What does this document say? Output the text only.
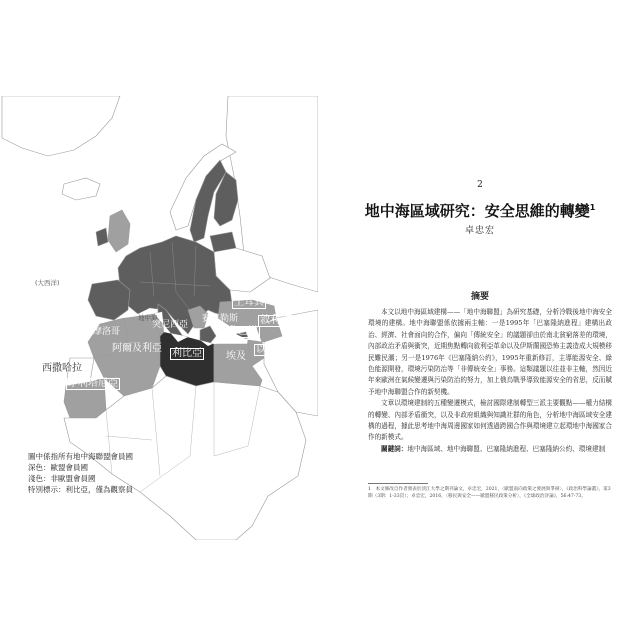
(大西洋)
地中海
土耳其
賽普勒斯 敘利亞
黎巴嫩
以色列
埃及
利比亞
突尼西亞
阿爾及利亞
摩洛哥
西撒哈拉
茅利塔尼亞
圖中係指所有地中海聯盟會員國
深色：歐盟會員國
淺色：非歐盟會員國
特別標示：利比亞，僅為觀察員
2
地中海區域研究：安全思維的轉變$^1$
卓忠宏
摘要

本文以地中海區域建構——「地中海聯盟」為研究基礎，分析冷戰後地中海安全環境的建構。地中海聯盟係依據兩主軸：一是1995年「巴塞隆納進程」建構出政治、經濟、社會面向的合作，偏向「傳統安全」的議題卻由於南北貧窮落差的環境，內部政治矛盾與衝突，近期焦點轉向敘利亞革命以及伊斯蘭國恐怖主義造成大規模移民難民潮；另一是1976年《巴塞隆納公約》，1995年重新修訂，主導能源安全、綠色能源開發，環境污染防治等「非傳統安全」事務。這類議題以往並非主軸，然因近年來歐洲在氣候變遷與污染防治的努力，加上俄烏戰爭導致能源安全的省思，反而賦予地中海聯盟合作的新契機。

文章以環境建制的五種變遷模式，檢討國際建制轉型三派主要觀點——權力結構的轉變、內部矛盾衝突，以及非政府組織與知識社群的角色，分析地中海區域安全建構的過程，據此思考地中海周邊國家如何透過跨國合作與環境建立起環地中海國家合作的新模式。

關鍵詞：地中海區域、地中海聯盟、巴塞隆納進程、巴塞隆納公約、環境建制

1　本文修改自作者發表於淡江大學之期刊論文，卓忠宏，2021，〈歐盟南向政策之發展與爭辯〉，《政治科學論叢》，第3期（3期：1-33頁）；卓忠宏，2016，〈移民與安全——歐盟移民政策分析〉，《全球政治評論》，56:47-73。
